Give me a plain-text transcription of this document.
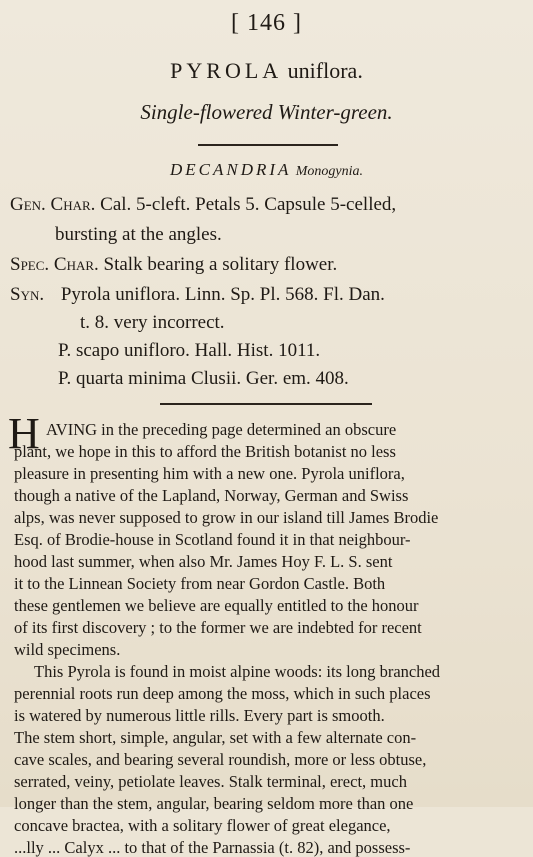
[ 146 ]
PYROLA uniflora.
Single-flowered Winter-green.
DECANDRIA Monogynia.
Gen. Char. Cal. 5-cleft. Petals 5. Capsule 5-celled,
bursting at the angles.
Spec. Char. Stalk bearing a solitary flower.
Syn. Pyrola uniflora. Linn. Sp. Pl. 568. Fl. Dan.
t. 8. very incorrect.
P. scapo unifloro. Hall. Hist. 1011.
P. quarta minima Clusii. Ger. em. 408.
H AVING in the preceding page determined an obscure
plant, we hope in this to afford the British botanist no less
pleasure in presenting him with a new one. Pyrola uniflora,
though a native of the Lapland, Norway, German and Swiss
alps, was never supposed to grow in our island till James Brodie
Esq. of Brodie-house in Scotland found it in that neighbour-
hood last summer, when also Mr. James Hoy F. L. S. sent
it to the Linnean Society from near Gordon Castle. Both
these gentlemen we believe are equally entitled to the honour
of its first discovery ; to the former we are indebted for recent
wild specimens.
This Pyrola is found in moist alpine woods: its long branched
perennial roots run deep among the moss, which in such places
is watered by numerous little rills. Every part is smooth.
The stem short, simple, angular, set with a few alternate con-
cave scales, and bearing several roundish, more or less obtuse,
serrated, veiny, petiolate leaves. Stalk terminal, erect, much
longer than the stem, angular, bearing seldom more than one
concave bractea, with a solitary flower of great elegance,
...lly ... Calyx ... to that of the Parnassia (t. 82), and possess-
